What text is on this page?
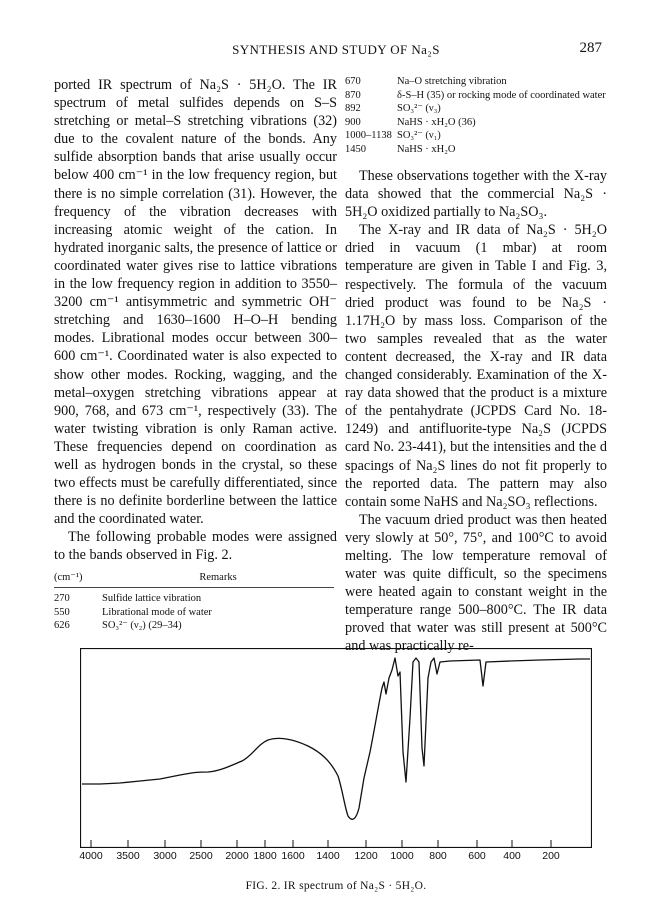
SYNTHESIS AND STUDY OF Na₂S	287

ported IR spectrum of Na₂S · 5H₂O. The IR spectrum of metal sulfides depends on S–S stretching or metal–S stretching vibrations (32) due to the covalent nature of the bonds. Any sulfide absorption bands that arise usually occur below 400 cm⁻¹ in the low frequency region, but there is no simple correlation (31). However, the frequency of the vibration decreases with increasing atomic weight of the cation. In hydrated inorganic salts, the presence of lattice or coordinated water gives rise to lattice vibrations in the low frequency region in addition to 3550–3200 cm⁻¹ antisymmetric and symmetric OH⁻ stretching and 1630–1600 H–O–H bending modes. Librational modes occur between 300–600 cm⁻¹. Coordinated water is also expected to show other modes. Rocking, wagging, and the metal–oxygen stretching vibrations appear at 900, 768, and 673 cm⁻¹, respectively (33). The water twisting vibration is only Raman active. These frequencies depend on coordination as well as hydrogen bonds in the crystal, so these two effects must be carefully differentiated, since there is no definite borderline between the lattice and the coordinated water.

The following probable modes were assigned to the bands observed in Fig. 2.

(cm⁻¹)	Remarks
270	Sulfide lattice vibration
550	Librational mode of water
626	SO₃²⁻ (ν₂) (29–34)
670	Na–O stretching vibration
870	δ-S–H (35) or rocking mode of coordinated water
892	SO₃²⁻ (ν₃)
900	NaHS · xH₂O (36)
1000–1138	SO₃²⁻ (ν₁)
1450	NaHS · xH₂O

These observations together with the X-ray data showed that the commercial Na₂S · 5H₂O oxidized partially to Na₂SO₃.

The X-ray and IR data of Na₂S · 5H₂O dried in vacuum (1 mbar) at room temperature are given in Table I and Fig. 3, respectively. The formula of the vacuum dried product was found to be Na₂S · 1.17H₂O by mass loss. Comparison of the two samples revealed that as the water content decreased, the X-ray and IR data changed considerably. Examination of the X-ray data showed that the product is a mixture of the pentahydrate (JCPDS Card No. 18-1249) and antifluorite-type Na₂S (JCPDS card No. 23-441), but the intensities and the d spacings of Na₂S lines do not fit properly to the reported data. The pattern may also contain some NaHS and Na₂SO₃ reflections.

The vacuum dried product was then heated very slowly at 50°, 75°, and 100°C to avoid melting. The low temperature removal of water was quite difficult, so the specimens were heated again to constant weight in the temperature range 500–800°C. The IR data proved that water was still present at 500°C and was practically re-

4000 3500 3000 2500 2000 1800 1600 1400 1200 1000 800 600 400 200
FIG. 2. IR spectrum of Na₂S · 5H₂O.
